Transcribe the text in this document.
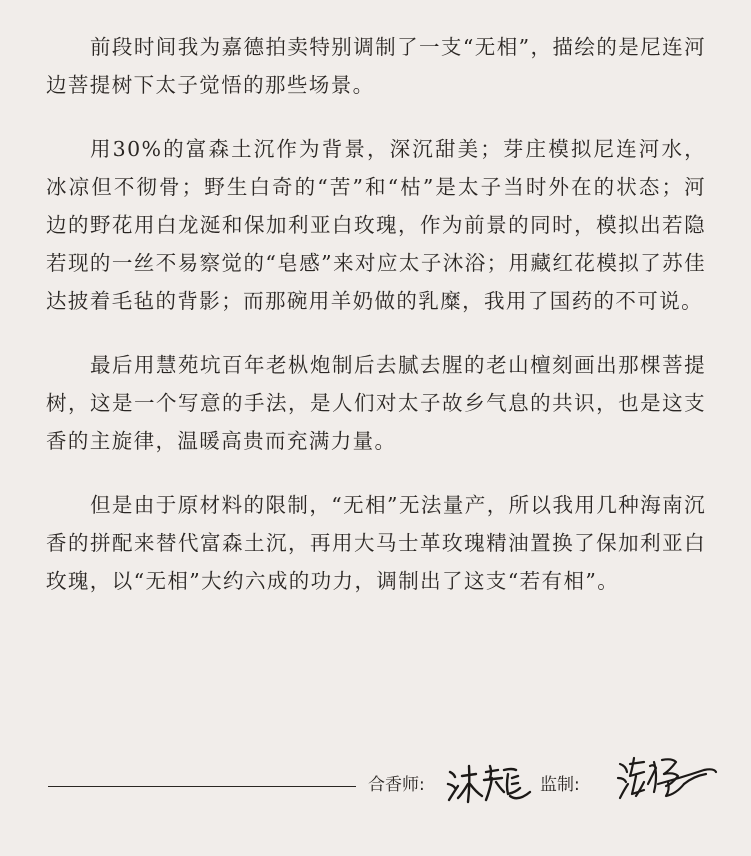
前段时间我为嘉德拍卖特别调制了一支“无相”，描绘的是尼连河边菩提树下太子觉悟的那些场景。

用30%的富森土沉作为背景，深沉甜美；芽庄模拟尼连河水，冰凉但不彻骨；野生白奇的“苦”和“枯”是太子当时外在的状态；河边的野花用白龙涎和保加利亚白玫瑰，作为前景的同时，模拟出若隐若现的一丝不易察觉的“皂感”来对应太子沐浴；用藏红花模拟了苏佳达披着毛毡的背影；而那碗用羊奶做的乳糜，我用了国药的不可说。

最后用慧苑坑百年老枞炮制后去腻去腥的老山檀刻画出那棵菩提树，这是一个写意的手法，是人们对太子故乡气息的共识，也是这支香的主旋律，温暖高贵而充满力量。

但是由于原材料的限制，“无相”无法量产，所以我用几种海南沉香的拼配来替代富森土沉，再用大马士革玫瑰精油置换了保加利亚白玫瑰，以“无相”大约六成的功力，调制出了这支“若有相”。

合香师:	监制:
